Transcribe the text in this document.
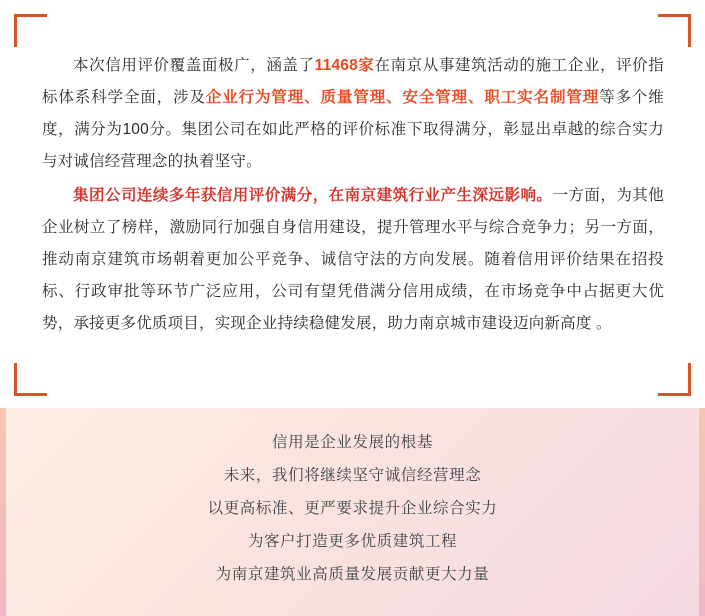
本次信用评价覆盖面极广，涵盖了11468家在南京从事建筑活动的施工企业，评价指标体系科学全面，涉及企业行为管理、质量管理、安全管理、职工实名制管理等多个维度，满分为100分。集团公司在如此严格的评价标准下取得满分，彰显出卓越的综合实力与对诚信经营理念的执着坚守。

集团公司连续多年获信用评价满分，在南京建筑行业产生深远影响。一方面，为其他企业树立了榜样，激励同行加强自身信用建设，提升管理水平与综合竞争力；另一方面，推动南京建筑市场朝着更加公平竞争、诚信守法的方向发展。随着信用评价结果在招投标、行政审批等环节广泛应用，公司有望凭借满分信用成绩，在市场竞争中占据更大优势，承接更多优质项目，实现企业持续稳健发展，助力南京城市建设迈向新高度 。

信用是企业发展的根基
未来，我们将继续坚守诚信经营理念
以更高标准、更严要求提升企业综合实力
为客户打造更多优质建筑工程
为南京建筑业高质量发展贡献更大力量
